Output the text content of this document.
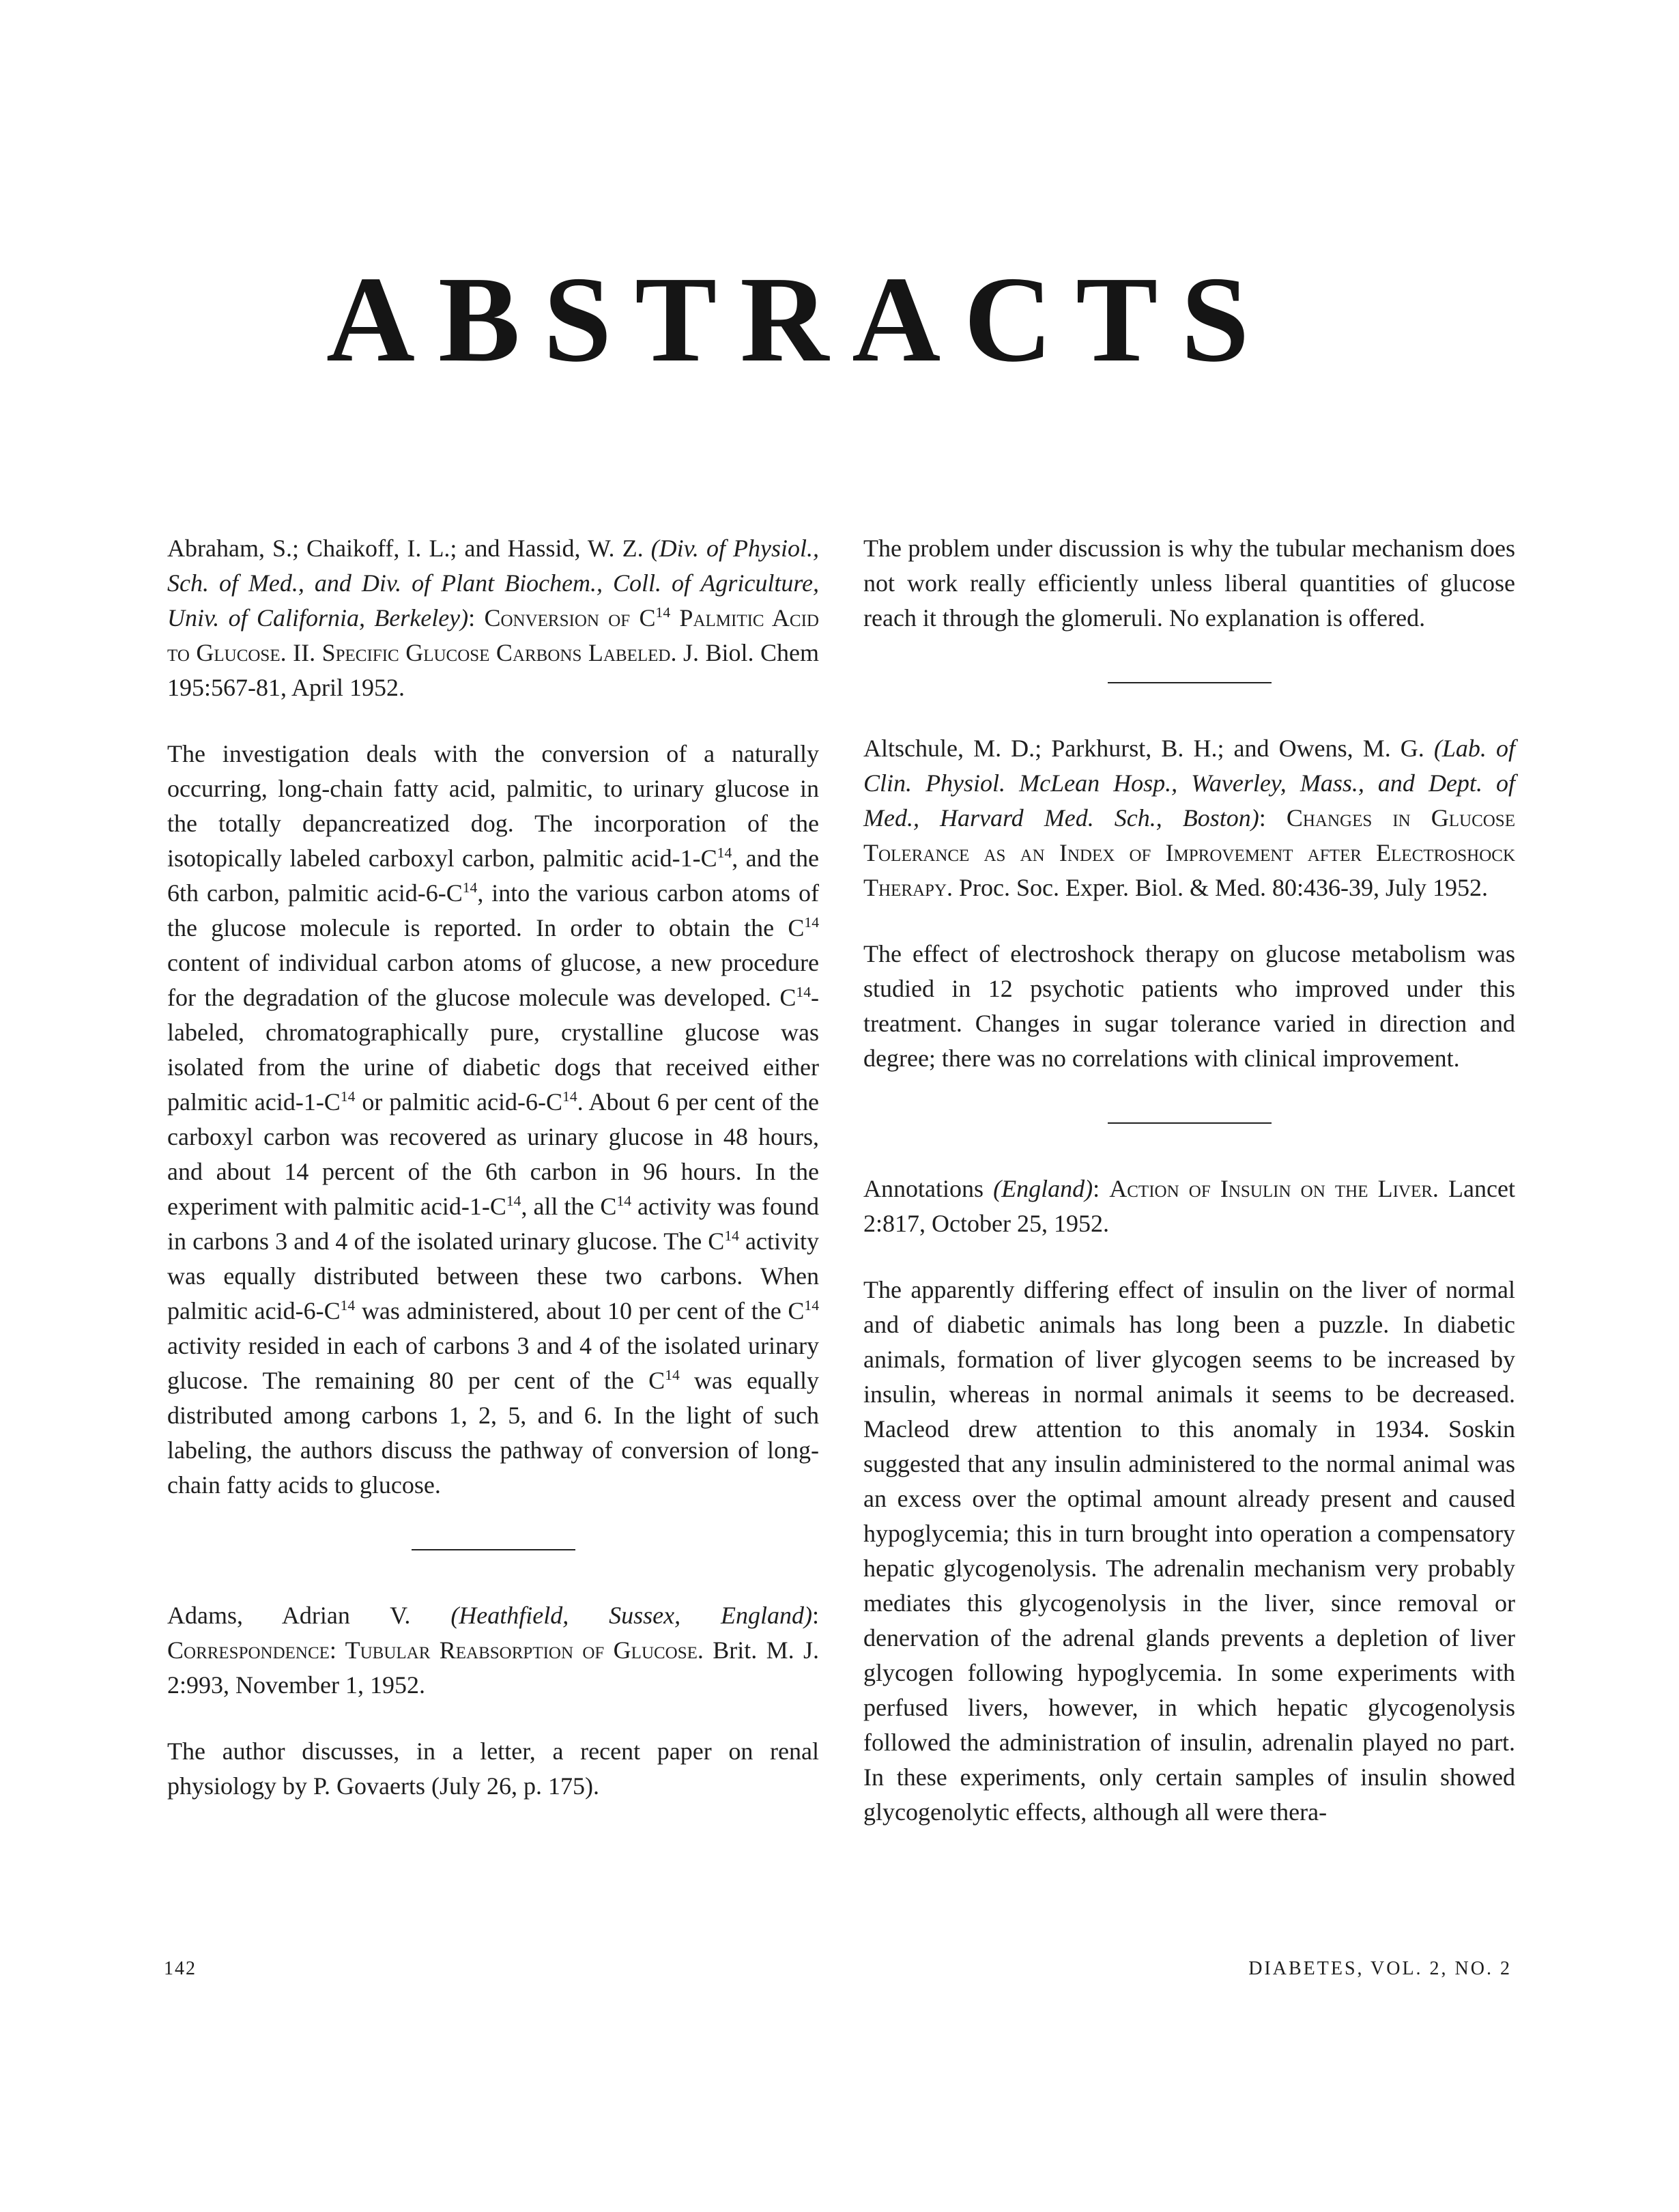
ABSTRACTS

Abraham, S.; Chaikoff, I. L.; and Hassid, W. Z. (Div. of Physiol., Sch. of Med., and Div. of Plant Biochem., Coll. of Agriculture, Univ. of California, Berkeley): Conversion of $C^{14}$ Palmitic Acid to Glucose. II. Specific Glucose Carbons Labeled. J. Biol. Chem 195:567-81, April 1952.

The investigation deals with the conversion of a naturally occurring, long-chain fatty acid, palmitic, to urinary glucose in the totally depancreatized dog. The incorporation of the isotopically labeled carboxyl carbon, palmitic acid-$1-C^{14}$, and the 6th carbon, palmitic acid-$6-C^{14}$, into the various carbon atoms of the glucose molecule is reported. In order to obtain the $C^{14}$ content of individual carbon atoms of glucose, a new procedure for the degradation of the glucose molecule was developed. $C^{14}$-labeled, chromatographically pure, crystalline glucose was isolated from the urine of diabetic dogs that received either palmitic acid-$1-C^{14}$ or palmitic acid-$6-C^{14}$. About 6 per cent of the carboxyl carbon was recovered as urinary glucose in 48 hours, and about 14 percent of the 6th carbon in 96 hours. In the experiment with palmitic acid-$1-C^{14}$, all the $C^{14}$ activity was found in carbons 3 and 4 of the isolated urinary glucose. The $C^{14}$ activity was equally distributed between these two carbons. When palmitic acid-$6-C^{14}$ was administered, about 10 per cent of the $C^{14}$ activity resided in each of carbons 3 and 4 of the isolated urinary glucose. The remaining 80 per cent of the $C^{14}$ was equally distributed among carbons 1, 2, 5, and 6. In the light of such labeling, the authors discuss the pathway of conversion of long-chain fatty acids to glucose.

Adams, Adrian V. (Heathfield, Sussex, England): Correspondence: Tubular Reabsorption of Glucose. Brit. M. J. 2:993, November 1, 1952.

The author discusses, in a letter, a recent paper on renal physiology by P. Govaerts (July 26, p. 175).

The problem under discussion is why the tubular mechanism does not work really efficiently unless liberal quantities of glucose reach it through the glomeruli. No explanation is offered.

Altschule, M. D.; Parkhurst, B. H.; and Owens, M. G. (Lab. of Clin. Physiol. McLean Hosp., Waverley, Mass., and Dept. of Med., Harvard Med. Sch., Boston): Changes in Glucose Tolerance as an Index of Improvement after Electroshock Therapy. Proc. Soc. Exper. Biol. & Med. 80:436-39, July 1952.

The effect of electroshock therapy on glucose metabolism was studied in 12 psychotic patients who improved under this treatment. Changes in sugar tolerance varied in direction and degree; there was no correlations with clinical improvement.

Annotations (England): Action of Insulin on the Liver. Lancet 2:817, October 25, 1952.

The apparently differing effect of insulin on the liver of normal and of diabetic animals has long been a puzzle. In diabetic animals, formation of liver glycogen seems to be increased by insulin, whereas in normal animals it seems to be decreased. Macleod drew attention to this anomaly in 1934. Soskin suggested that any insulin administered to the normal animal was an excess over the optimal amount already present and caused hypoglycemia; this in turn brought into operation a compensatory hepatic glycogenolysis. The adrenalin mechanism very probably mediates this glycogenolysis in the liver, since removal or denervation of the adrenal glands prevents a depletion of liver glycogen following hypoglycemia. In some experiments with perfused livers, however, in which hepatic glycogenolysis followed the administration of insulin, adrenalin played no part. In these experiments, only certain samples of insulin showed glycogenolytic effects, although all were thera-

142	DIABETES, VOL. 2, NO. 2
